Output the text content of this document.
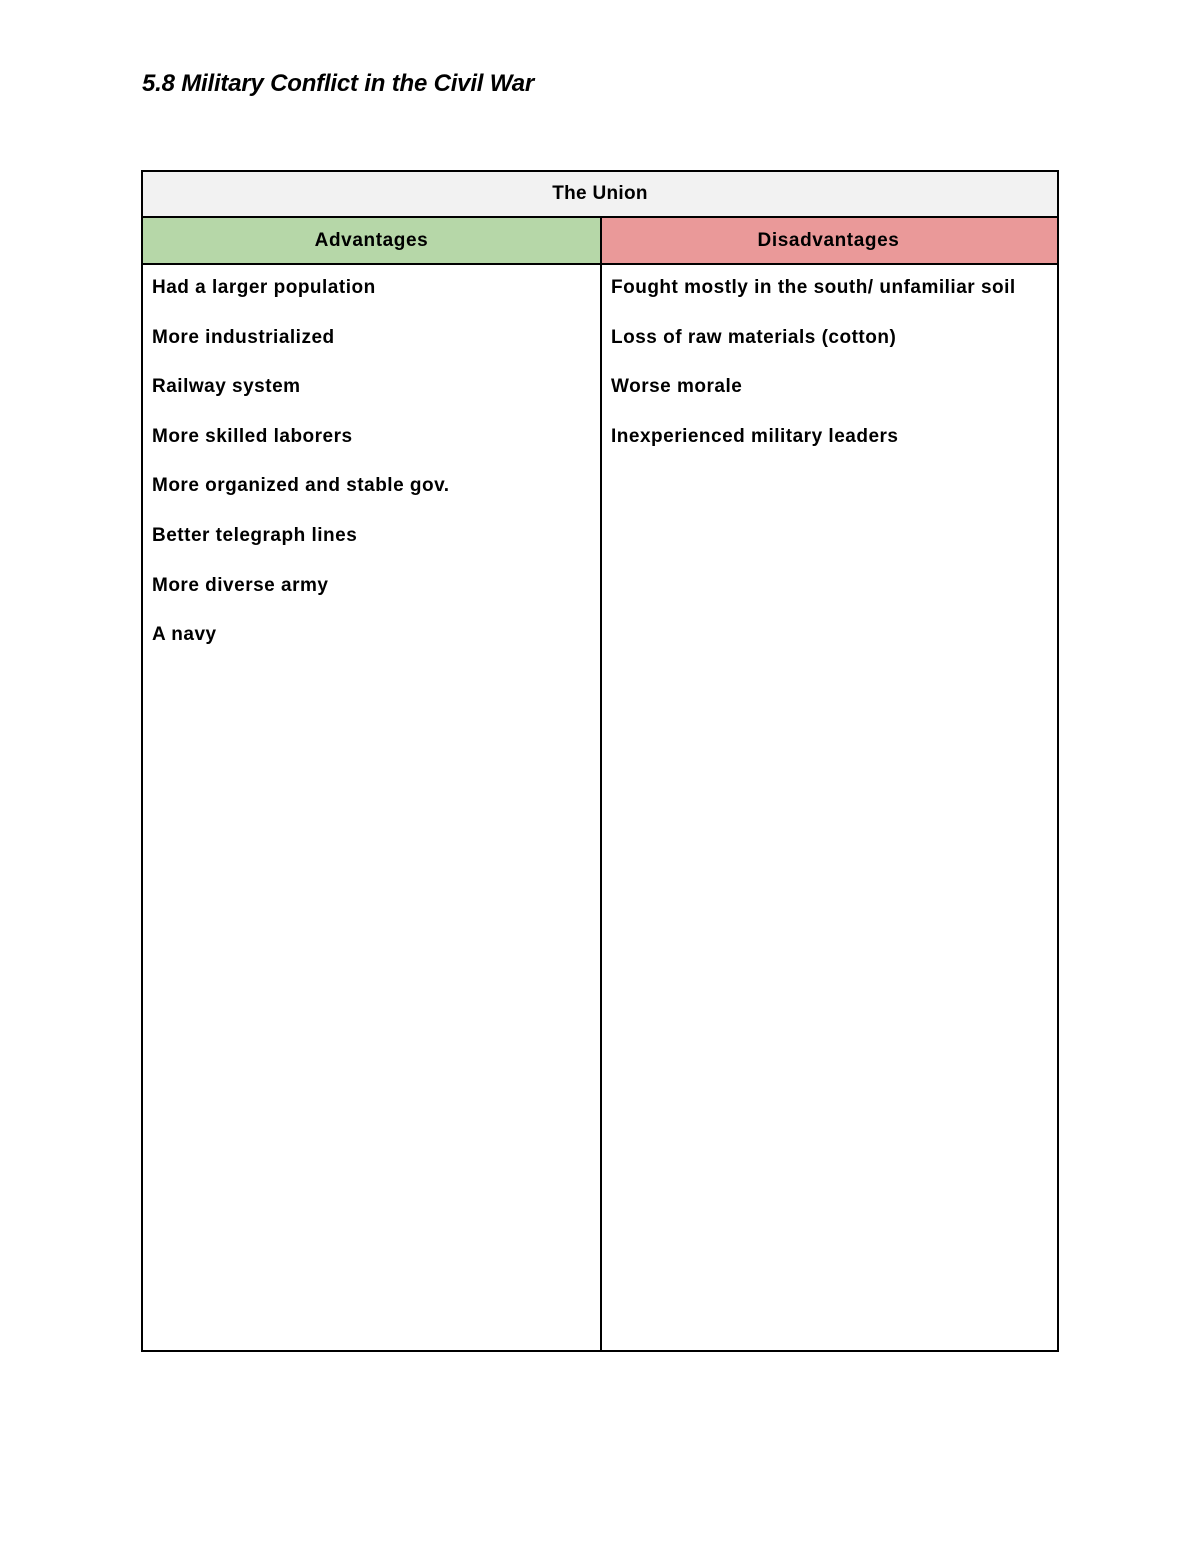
5.8 Military Conflict in the Civil War
The Union
Advantages	Disadvantages
Had a larger population
More industrialized
Railway system
More skilled laborers
More organized and stable gov.
Better telegraph lines
More diverse army
A navy
Fought mostly in the south/ unfamiliar soil
Loss of raw materials (cotton)
Worse morale
Inexperienced military leaders
